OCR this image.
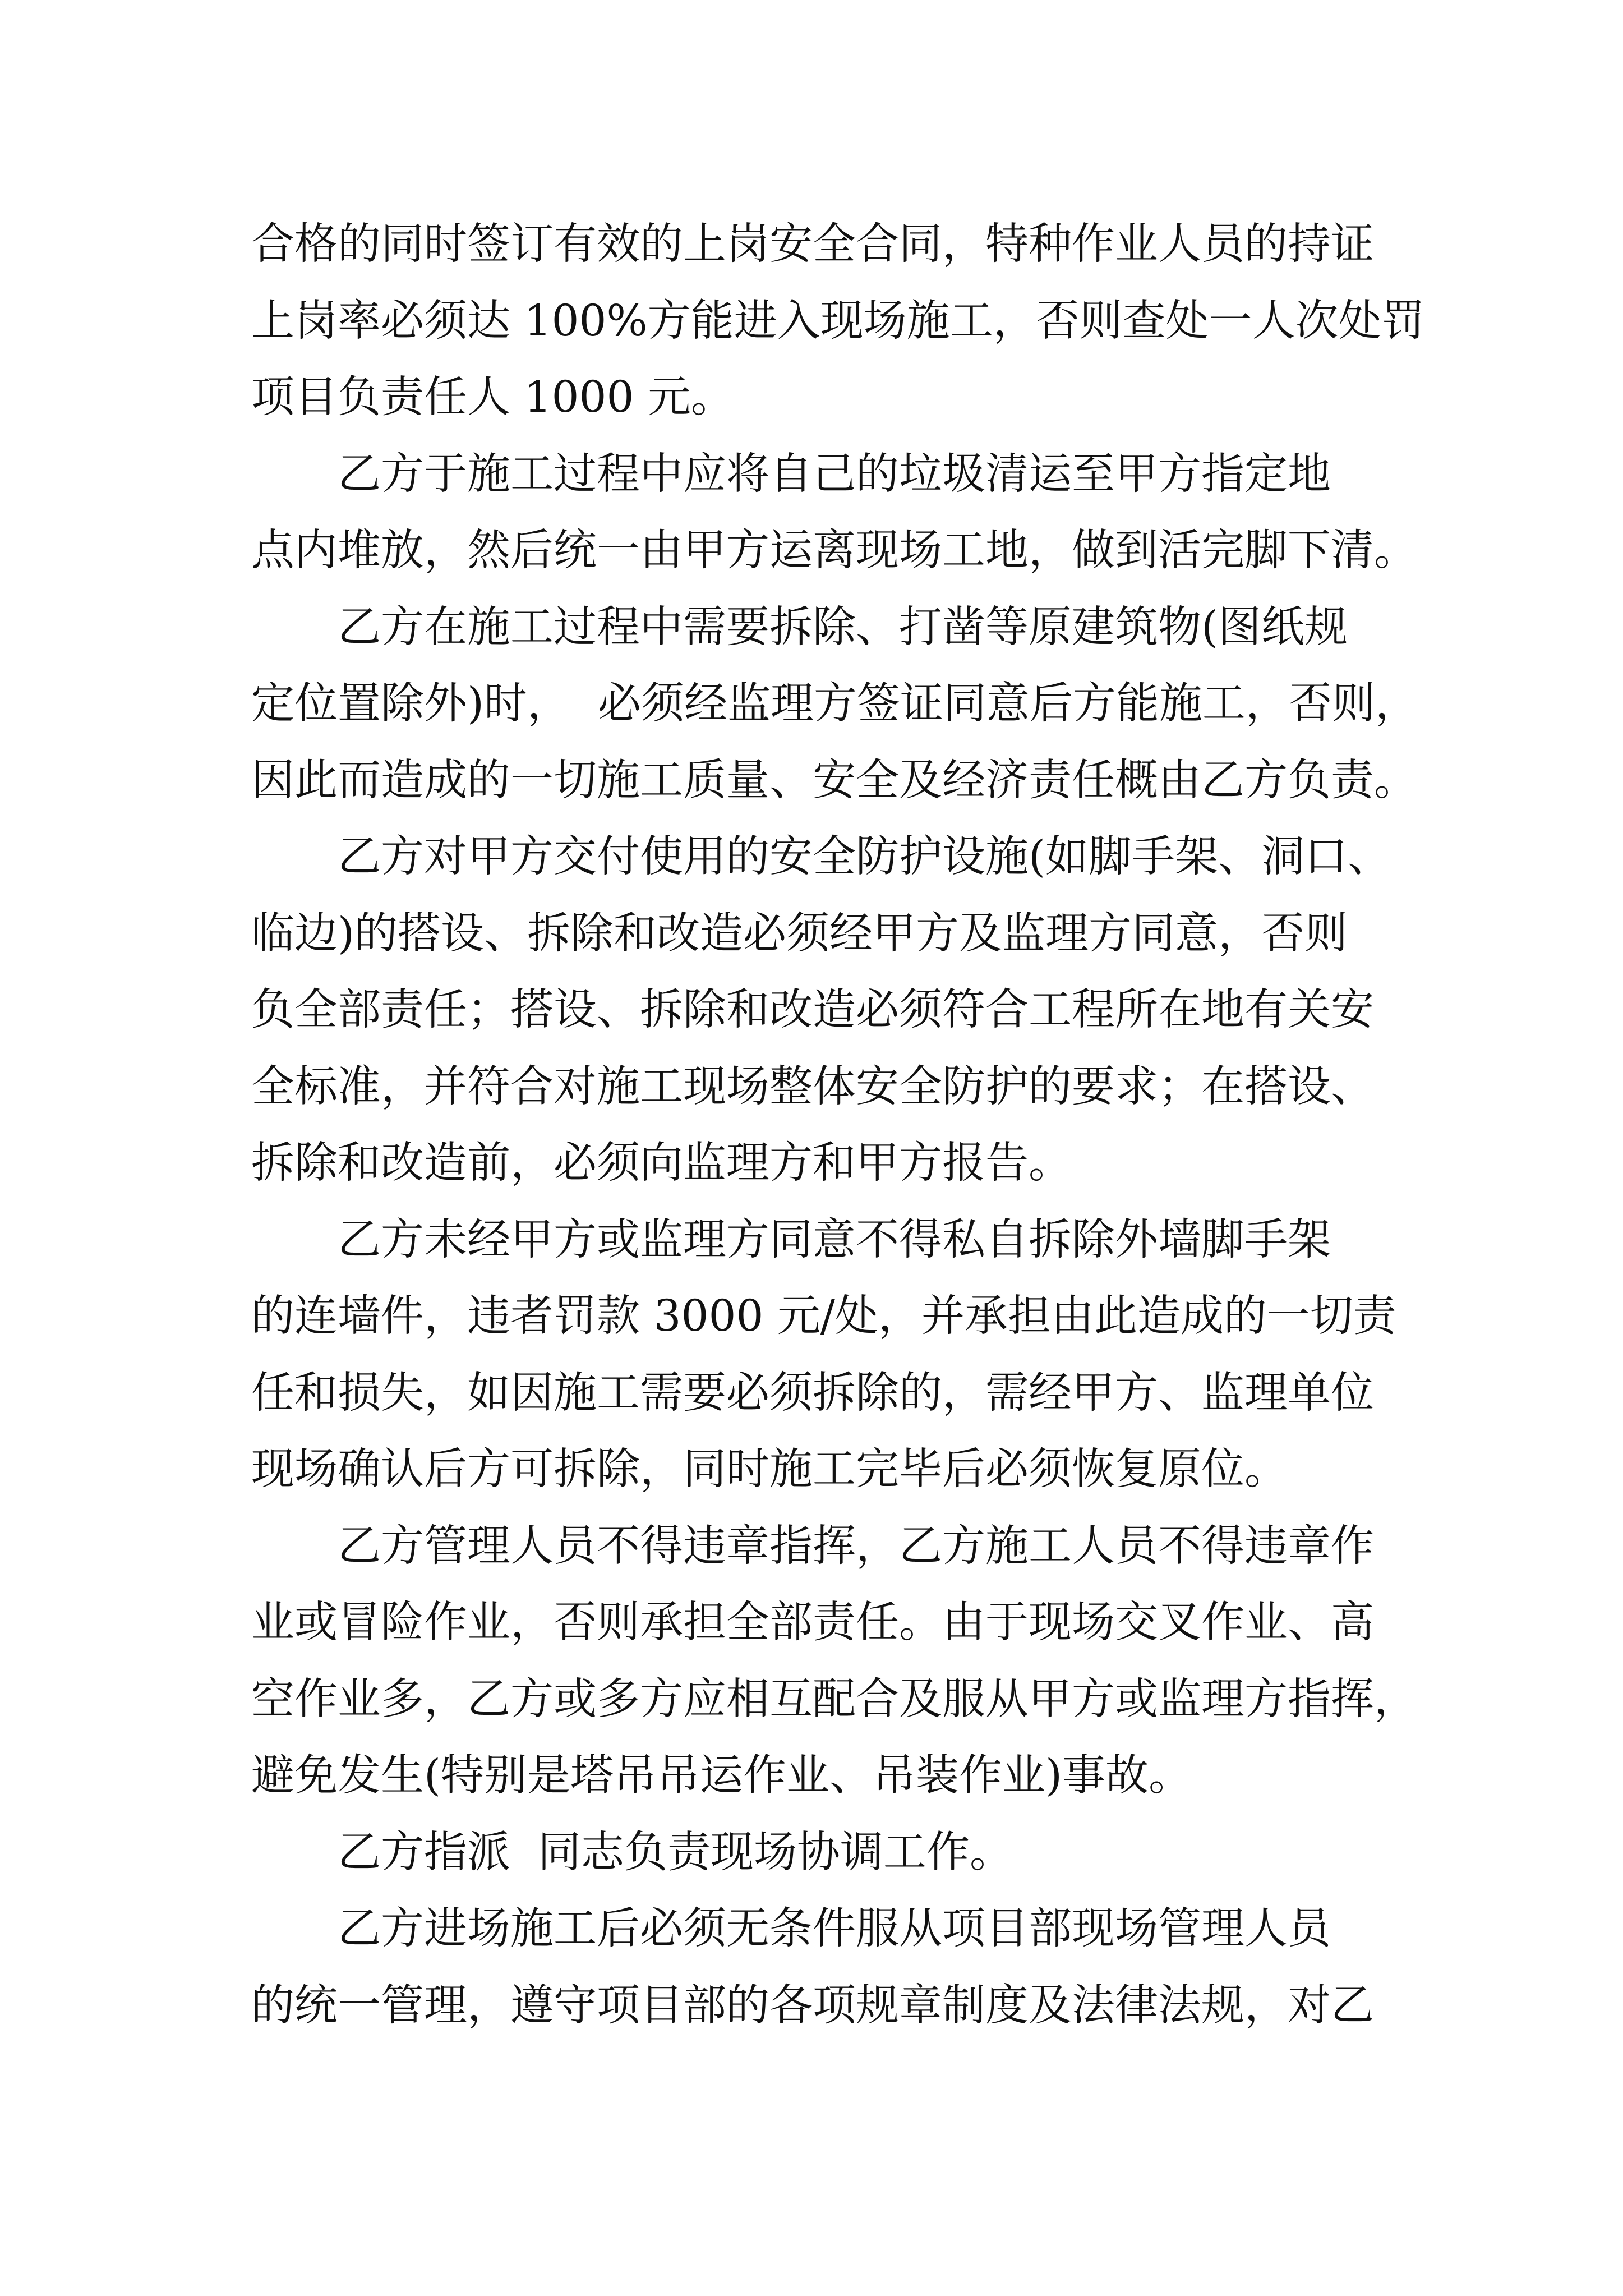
合格的同时签订有效的上岗安全合同，特种作业人员的持证
上岗率必须达 100%方能进入现场施工，否则查处一人次处罚
项目负责任人 1000 元。
乙方于施工过程中应将自己的垃圾清运至甲方指定地
点内堆放，然后统一由甲方运离现场工地，做到活完脚下清。
乙方在施工过程中需要拆除、打凿等原建筑物(图纸规
定位置除外)时，  必须经监理方签证同意后方能施工，否则，
因此而造成的一切施工质量、安全及经济责任概由乙方负责。
乙方对甲方交付使用的安全防护设施(如脚手架、洞口、
临边)的搭设、拆除和改造必须经甲方及监理方同意，否则
负全部责任；搭设、拆除和改造必须符合工程所在地有关安
全标准，并符合对施工现场整体安全防护的要求；在搭设、
拆除和改造前，必须向监理方和甲方报告。
乙方未经甲方或监理方同意不得私自拆除外墙脚手架
的连墙件，违者罚款 3000 元/处，并承担由此造成的一切责
任和损失，如因施工需要必须拆除的，需经甲方、监理单位
现场确认后方可拆除，同时施工完毕后必须恢复原位。
乙方管理人员不得违章指挥，乙方施工人员不得违章作
业或冒险作业，否则承担全部责任。由于现场交叉作业、高
空作业多，乙方或多方应相互配合及服从甲方或监理方指挥，
避免发生(特别是塔吊吊运作业、吊装作业)事故。
乙方指派  同志负责现场协调工作。
乙方进场施工后必须无条件服从项目部现场管理人员
的统一管理，遵守项目部的各项规章制度及法律法规，对乙
